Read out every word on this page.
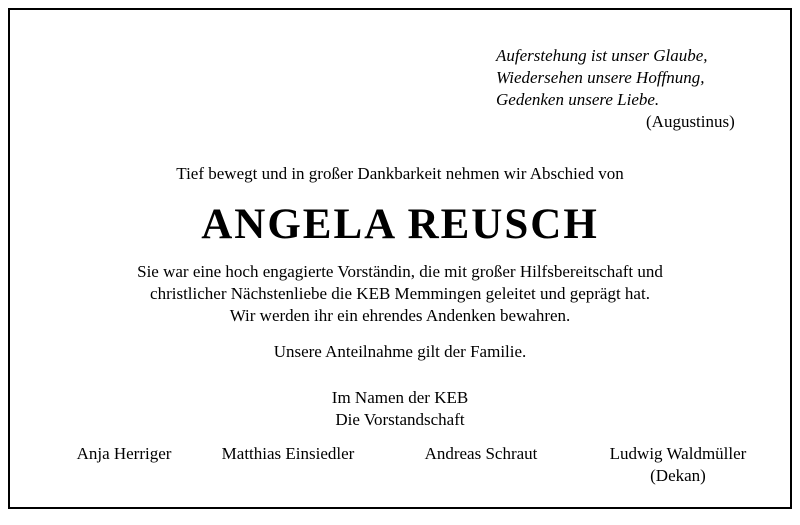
Auferstehung ist unser Glaube,
Wiedersehen unsere Hoffnung,
Gedenken unsere Liebe.
(Augustinus)
Tief bewegt und in großer Dankbarkeit nehmen wir Abschied von
ANGELA REUSCH
Sie war eine hoch engagierte Vorständin, die mit großer Hilfsbereitschaft und
christlicher Nächstenliebe die KEB Memmingen geleitet und geprägt hat.
Wir werden ihr ein ehrendes Andenken bewahren.
Unsere Anteilnahme gilt der Familie.
Im Namen der KEB
Die Vorstandschaft
Anja Herriger	Matthias Einsiedler	Andreas Schraut	Ludwig Waldmüller
(Dekan)
